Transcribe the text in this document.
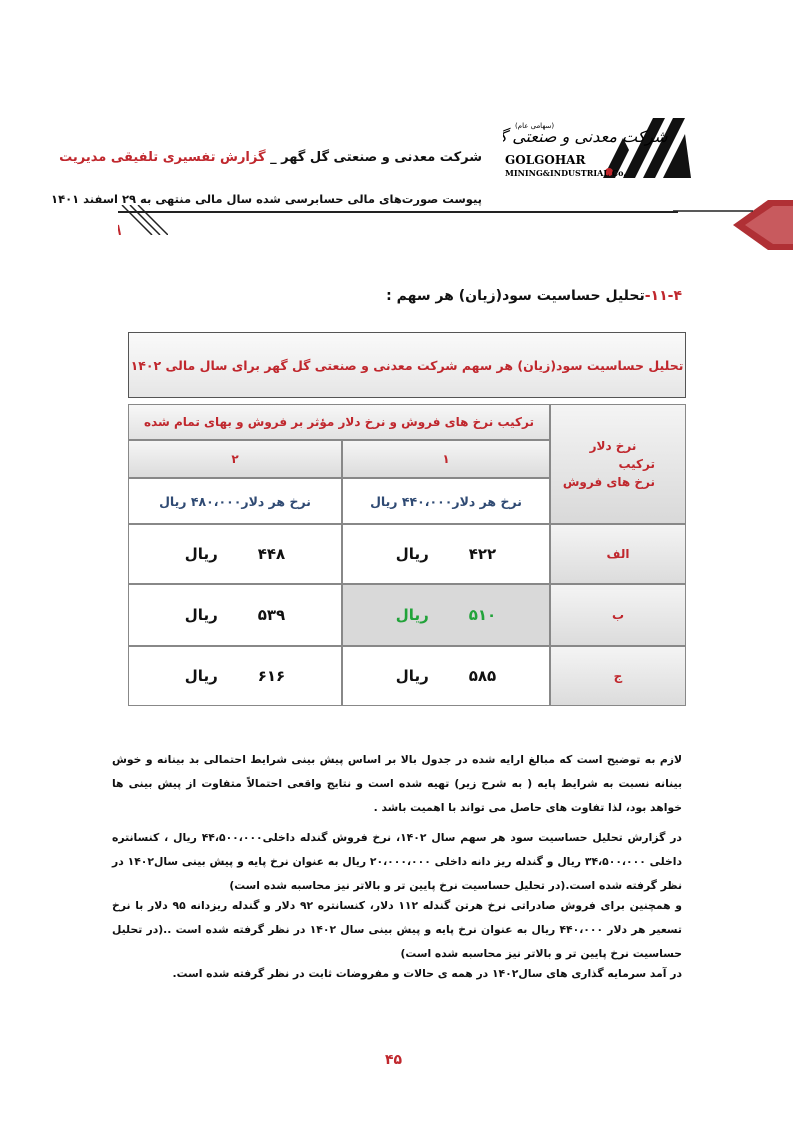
شرکت معدنی و صنعتی
(سهامی عام)
GOLGOHAR
MINING&INDUSTRIAL Co.
شرکت معدنی و صنعتی گل گهر _ گزارش تفسیری تلفیقی مدیریت
پیوست صورت‌های مالی حسابرسی شده سال مالی منتهی به ۲۹ اسفند ۱۴۰۱
۱۱-۴-تحلیل حساسیت سود(زیان) هر سهم :
تحلیل حساسیت سود(زیان) هر سهم شرکت معدنی و صنعتی گل گهر برای سال مالی ۱۴۰۲
ترکیب نرخ های فروش و نرخ دلار مؤثر بر فروش و بهای تمام شده
نرخ دلار
ترکیب
نرخ های فروش
۱
۲
نرخ هر دلار۴۴۰،۰۰۰ ریال
نرخ هر دلار۴۸۰،۰۰۰ ریال
الف
۴۲۲
ریال
۴۴۸
ریال
ب
۵۱۰
ریال
۵۳۹
ریال
ج
۵۸۵
ریال
۶۱۶
ریال
لازم به توضیح است که مبالغ ارایه شده در جدول بالا بر اساس پیش بینی شرایط احتمالی بد بینانه و خوش بینانه نسبت به شرایط پایه ( به شرح زیر) تهیه شده است و نتایج واقعی احتمالاً متفاوت از پیش بینی ها خواهد بود، لذا تفاوت های حاصل می تواند با اهمیت باشد .
در گزارش تحلیل حساسیت سود هر سهم سال ۱۴۰۲، نرخ فروش گندله داخلی۴۴،۵۰۰،۰۰۰ ریال ، کنسانتره داخلی ۳۴،۵۰۰،۰۰۰ ریال و گندله ریز دانه داخلی ۲۰،۰۰۰،۰۰۰ ریال به عنوان نرخ پایه و پیش بینی سال۱۴۰۲ در نظر گرفته شده است.(در تحلیل حساسیت نرخ پایین تر و بالاتر نیز محاسبه شده است)
و همچنین برای فروش صادراتی نرخ هرتن گندله ۱۱۲ دلار، کنسانتره ۹۲ دلار و گندله ریزدانه ۹۵ دلار با نرخ تسعیر هر دلار ۴۴۰،۰۰۰ ریال به عنوان نرخ پایه و پیش بینی سال ۱۴۰۲ در نظر گرفته شده است ..(در تحلیل حساسیت نرخ پایین تر و بالاتر نیز محاسبه شده است)
در آمد سرمایه گذاری های سال۱۴۰۲ در همه ی حالات و مفروضات ثابت در نظر گرفته شده است.
۴۵
